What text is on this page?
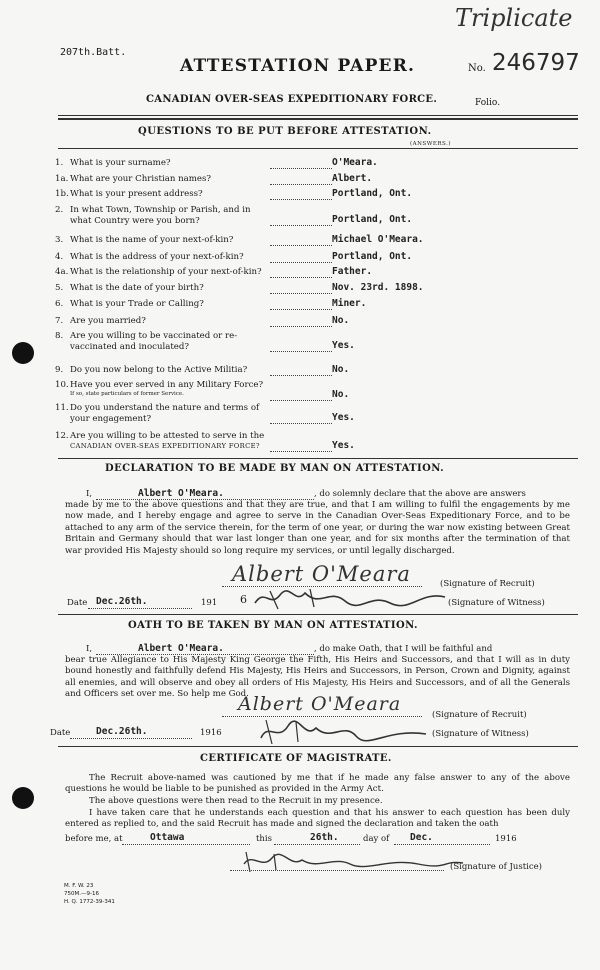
207th.Batt.
Triplicate
ATTESTATION PAPER.	No. 246797
CANADIAN OVER-SEAS EXPEDITIONARY FORCE.	Folio.
QUESTIONS TO BE PUT BEFORE ATTESTATION.
(ANSWERS.)
1. What is your surname?	O'Meara.
1a. What are your Christian names?	Albert.
1b. What is your present address?	Portland, Ont.
2. In what Town, Township or Parish, and in
what Country were you born?	Portland, Ont.
3. What is the name of your next-of-kin?	Michael O'Meara.
4. What is the address of your next-of-kin?	Portland, Ont.
4a. What is the relationship of your next-of-kin?	Father.
5. What is the date of your birth?	Nov. 23rd. 1898.
6. What is your Trade or Calling?	Miner.
7. Are you married?	No.
8. Are you willing to be vaccinated or re-
vaccinated and inoculated?	Yes.
9. Do you now belong to the Active Militia?	No.
10. Have you ever served in any Military Force?
If so, state particulars of former Service.	No.
11. Do you understand the nature and terms of
your engagement?	Yes.
12. Are you willing to be attested to serve in the
CANADIAN OVER-SEAS EXPEDITIONARY FORCE?	Yes.
DECLARATION TO BE MADE BY MAN ON ATTESTATION.
I,	Albert O'Meara.	, do solemnly declare that the above are answers
made by me to the above questions and that they are true, and that I am willing to fulfil the engagements by me now made, and I hereby engage and agree to serve in the Canadian Over-Seas Expeditionary Force, and to be attached to any arm of the service therein, for the term of one year, or during the war now existing between Great Britain and Germany should that war last longer than one year, and for six months after the termination of that war provided His Majesty should so long require my services, or until legally discharged.
Albert O'Meara	(Signature of Recruit)
Date Dec.26th.	191 6	(Signature of Witness)
OATH TO BE TAKEN BY MAN ON ATTESTATION.
I,	Albert O'Meara.	, do make Oath, that I will be faithful and
bear true Allegiance to His Majesty King George the Fifth, His Heirs and Successors, and that I will as in duty bound honestly and faithfully defend His Majesty, His Heirs and Successors, in Person, Crown and Dignity, against all enemies, and will observe and obey all orders of His Majesty, His Heirs and Successors, and of all the Generals and Officers set over me. So help me God.
Albert O'Meara	(Signature of Recruit)
Date	Dec.26th.	1916	(Signature of Witness)
CERTIFICATE OF MAGISTRATE.
The Recruit above-named was cautioned by me that if he made any false answer to any of the above questions he would be liable to be punished as provided in the Army Act.
The above questions were then read to the Recruit in my presence.
I have taken care that he understands each question and that his answer to each question has been duly entered as replied to, and the said Recruit has made and signed the declaration and taken the oath
before me, at	Ottawa	this	26th.	day of Dec.	1916
(Signature of Justice)
M. F. W. 23
750M.—9-16
H. Q. 1772-39-341
